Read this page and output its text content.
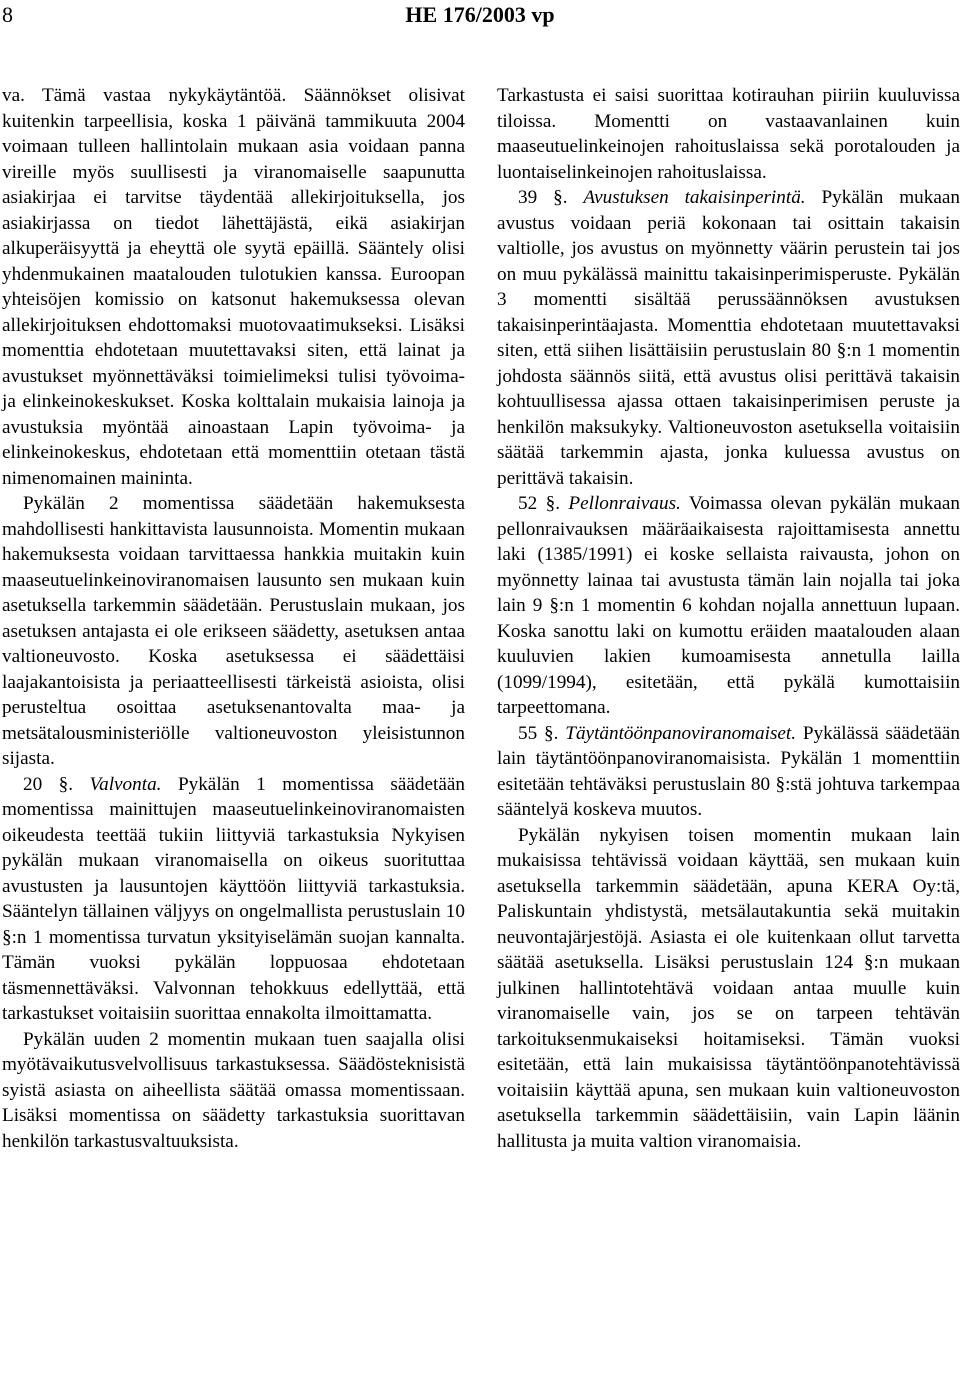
8	HE 176/2003 vp

va. Tämä vastaa nykykäytäntöä. Säännökset olisivat kuitenkin tarpeellisia, koska 1 päivänä tammikuuta 2004 voimaan tulleen hallintolain mukaan asia voidaan panna vireille myös suullisesti ja viranomaiselle saapunutta asiakirjaa ei tarvitse täydentää allekirjoituksella, jos asiakirjassa on tiedot lähettäjästä, eikä asiakirjan alkuperäisyyttä ja eheyttä ole syytä epäillä. Sääntely olisi yhdenmukainen maatalouden tulotukien kanssa. Euroopan yhteisöjen komissio on katsonut hakemuksessa olevan allekirjoituksen ehdottomaksi muotovaatimukseksi. Lisäksi momenttia ehdotetaan muutettavaksi siten, että lainat ja avustukset myönnettäväksi toimielimeksi tulisi työvoima- ja elinkeinokeskukset. Koska kolttalain mukaisia lainoja ja avustuksia myöntää ainoastaan Lapin työvoima- ja elinkeinokeskus, ehdotetaan että momenttiin otetaan tästä nimenomainen maininta.

Pykälän 2 momentissa säädetään hakemuksesta mahdollisesti hankittavista lausunnoista. Momentin mukaan hakemuksesta voidaan tarvittaessa hankkia muitakin kuin maaseutuelinkeinoviranomaisen lausunto sen mukaan kuin asetuksella tarkemmin säädetään. Perustuslain mukaan, jos asetuksen antajasta ei ole erikseen säädetty, asetuksen antaa valtioneuvosto. Koska asetuksessa ei säädettäisi laajakantoisista ja periaatteellisesti tärkeistä asioista, olisi perusteltua osoittaa asetuksenantovalta maa- ja metsätalousministeriölle valtioneuvoston yleisistunnon sijasta.

20 §. Valvonta. Pykälän 1 momentissa säädetään momentissa mainittujen maaseutuelinkeinoviranomaisten oikeudesta teettää tukiin liittyviä tarkastuksia Nykyisen pykälän mukaan viranomaisella on oikeus suorituttaa avustusten ja lausuntojen käyttöön liittyviä tarkastuksia. Sääntelyn tällainen väljyys on ongelmallista perustuslain 10 §:n 1 momentissa turvatun yksityiselämän suojan kannalta. Tämän vuoksi pykälän loppuosaa ehdotetaan täsmennettäväksi. Valvonnan tehokkuus edellyttää, että tarkastukset voitaisiin suorittaa ennakolta ilmoittamatta.

Pykälän uuden 2 momentin mukaan tuen saajalla olisi myötävaikutusvelvollisuus tarkastuksessa. Säädösteknisistä syistä asiasta on aiheellista säätää omassa momentissaan. Lisäksi momentissa on säädetty tarkastuksia suorittavan henkilön tarkastusvaltuuksista.

Tarkastusta ei saisi suorittaa kotirauhan piiriin kuuluvissa tiloissa. Momentti on vastaavanlainen kuin maaseutuelinkeinojen rahoituslaissa sekä porotalouden ja luontaiselinkeinojen rahoituslaissa.

39 §. Avustuksen takaisinperintä. Pykälän mukaan avustus voidaan periä kokonaan tai osittain takaisin valtiolle, jos avustus on myönnetty väärin perustein tai jos on muu pykälässä mainittu takaisinperimisperuste. Pykälän 3 momentti sisältää perussäännöksen avustuksen takaisinperintäajasta. Momenttia ehdotetaan muutettavaksi siten, että siihen lisättäisiin perustuslain 80 §:n 1 momentin johdosta säännös siitä, että avustus olisi perittävä takaisin kohtuullisessa ajassa ottaen takaisinperimisen peruste ja henkilön maksukyky. Valtioneuvoston asetuksella voitaisiin säätää tarkemmin ajasta, jonka kuluessa avustus on perittävä takaisin.

52 §. Pellonraivaus. Voimassa olevan pykälän mukaan pellonraivauksen määräaikaisesta rajoittamisesta annettu laki (1385/1991) ei koske sellaista raivausta, johon on myönnetty lainaa tai avustusta tämän lain nojalla tai joka lain 9 §:n 1 momentin 6 kohdan nojalla annettuun lupaan. Koska sanottu laki on kumottu eräiden maatalouden alaan kuuluvien lakien kumoamisesta annetulla lailla (1099/1994), esitetään, että pykälä kumottaisiin tarpeettomana.

55 §. Täytäntöönpanoviranomaiset. Pykälässä säädetään lain täytäntöönpanoviranomaisista. Pykälän 1 momenttiin esitetään tehtäväksi perustuslain 80 §:stä johtuva tarkempaa sääntelyä koskeva muutos.

Pykälän nykyisen toisen momentin mukaan lain mukaisissa tehtävissä voidaan käyttää, sen mukaan kuin asetuksella tarkemmin säädetään, apuna KERA Oy:tä, Paliskuntain yhdistystä, metsälautakuntia sekä muitakin neuvontajärjestöjä. Asiasta ei ole kuitenkaan ollut tarvetta säätää asetuksella. Lisäksi perustuslain 124 §:n mukaan julkinen hallintotehtävä voidaan antaa muulle kuin viranomaiselle vain, jos se on tarpeen tehtävän tarkoituksenmukaiseksi hoitamiseksi. Tämän vuoksi esitetään, että lain mukaisissa täytäntöönpanotehtävissä voitaisiin käyttää apuna, sen mukaan kuin valtioneuvoston asetuksella tarkemmin säädettäisiin, vain Lapin läänin hallitusta ja muita valtion viranomaisia.
